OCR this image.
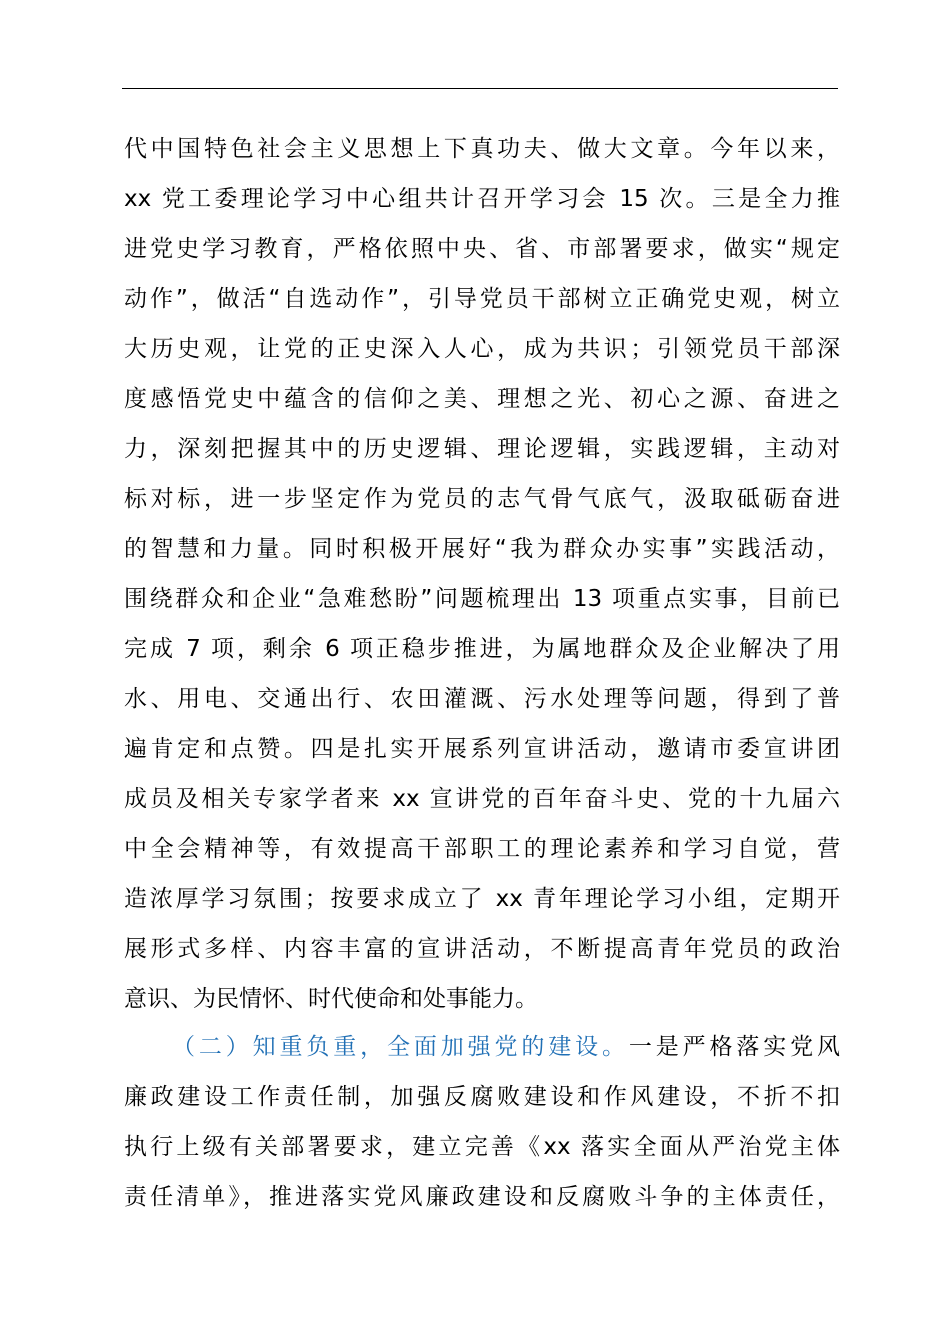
代中国特色社会主义思想上下真功夫、做大文章。今年以来，
xx 党工委理论学习中心组共计召开学习会 15 次。三是全力推
进党史学习教育，严格依照中央、省、市部署要求，做实“规定
动作”，做活“自选动作”，引导党员干部树立正确党史观，树立
大历史观，让党的正史深入人心，成为共识；引领党员干部深
度感悟党史中蕴含的信仰之美、理想之光、初心之源、奋进之
力，深刻把握其中的历史逻辑、理论逻辑，实践逻辑，主动对
标对标，进一步坚定作为党员的志气骨气底气，汲取砥砺奋进
的智慧和力量。同时积极开展好“我为群众办实事”实践活动，
围绕群众和企业“急难愁盼”问题梳理出 13 项重点实事，目前已
完成 7 项，剩余 6 项正稳步推进，为属地群众及企业解决了用
水、用电、交通出行、农田灌溉、污水处理等问题，得到了普
遍肯定和点赞。四是扎实开展系列宣讲活动，邀请市委宣讲团
成员及相关专家学者来 xx 宣讲党的百年奋斗史、党的十九届六
中全会精神等，有效提高干部职工的理论素养和学习自觉，营
造浓厚学习氛围；按要求成立了 xx 青年理论学习小组，定期开
展形式多样、内容丰富的宣讲活动，不断提高青年党员的政治
意识、为民情怀、时代使命和处事能力。
（二）知重负重，全面加强党的建设。一是严格落实党风
廉政建设工作责任制，加强反腐败建设和作风建设，不折不扣
执行上级有关部署要求，建立完善《xx 落实全面从严治党主体
责任清单》，推进落实党风廉政建设和反腐败斗争的主体责任，
